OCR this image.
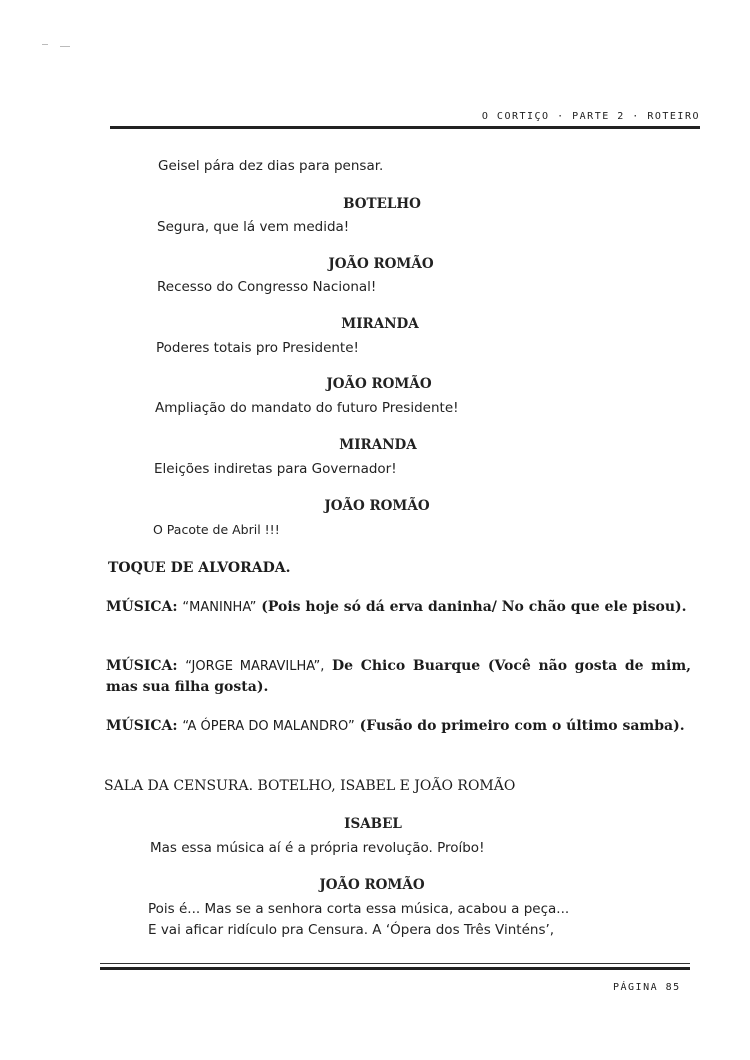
O CORTIÇO · PARTE 2 · ROTEIRO
Geisel pára dez dias para pensar.
BOTELHO
Segura, que lá vem medida!
JOÃO ROMÃO
Recesso do Congresso Nacional!
MIRANDA
Poderes totais pro Presidente!
JOÃO ROMÃO
Ampliação do mandato do futuro Presidente!
MIRANDA
Eleições indiretas para Governador!
JOÃO ROMÃO
O Pacote de Abril !!!
TOQUE DE ALVORADA.
MÚSICA: “MANINHA” (Pois hoje só dá erva daninha/ No chão que ele pisou).
MÚSICA: “JORGE MARAVILHA”, De Chico Buarque (Você não gosta de mim, mas sua filha gosta).
MÚSICA: “A ÓPERA DO MALANDRO” (Fusão do primeiro com o último samba).
SALA DA CENSURA. BOTELHO, ISABEL E JOÃO ROMÃO
ISABEL
Mas essa música aí é a própria revolução. Proíbo!
JOÃO ROMÃO
Pois é... Mas se a senhora corta essa música, acabou a peça...
E vai aficar ridículo pra Censura. A ‘Ópera dos Três Vinténs’,
PÁGINA 85
